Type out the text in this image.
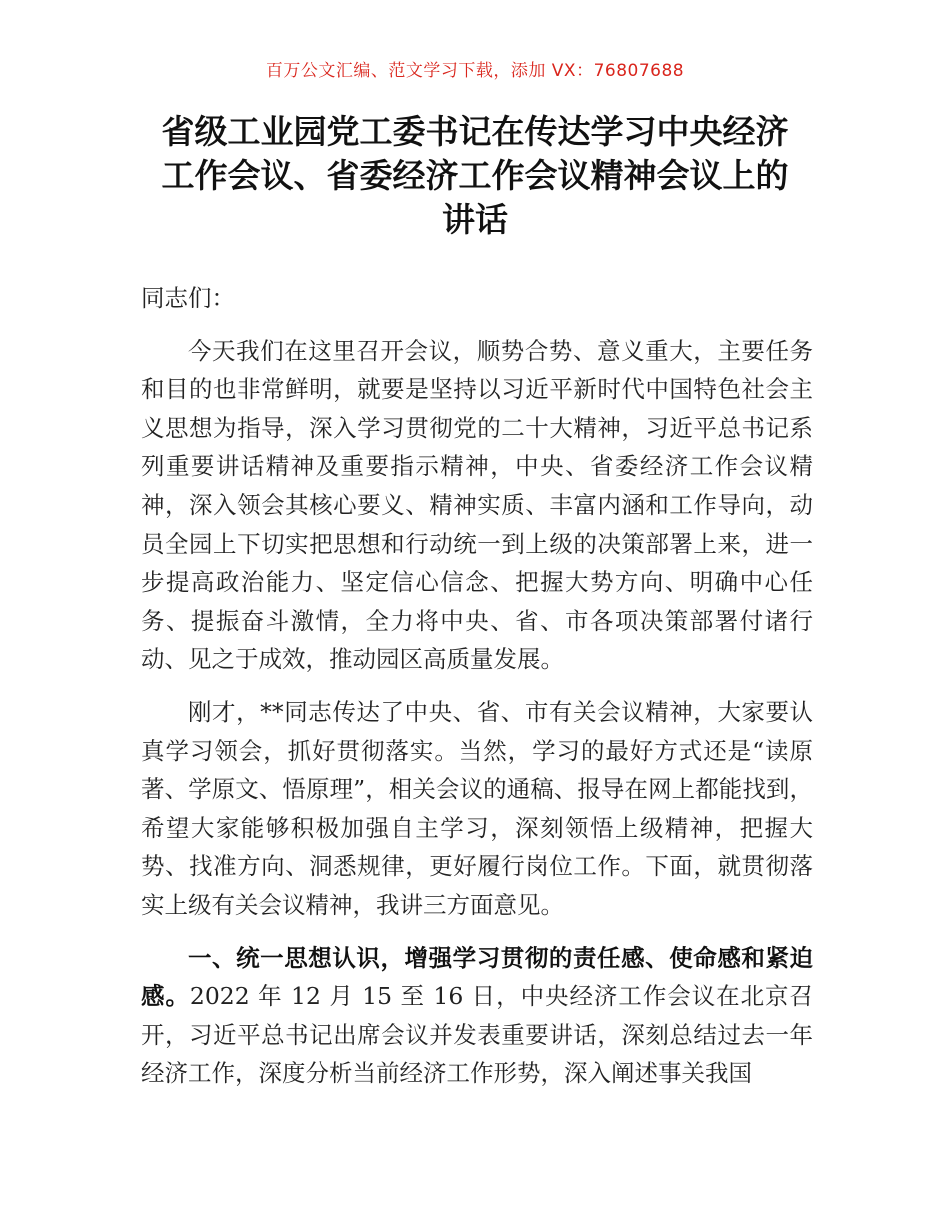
百万公文汇编、范文学习下载，添加 VX：76807688
省级工业园党工委书记在传达学习中央经济
工作会议、省委经济工作会议精神会议上的
讲话

同志们：

今天我们在这里召开会议，顺势合势、意义重大，主要任务和目的也非常鲜明，就要是坚持以习近平新时代中国特色社会主义思想为指导，深入学习贯彻党的二十大精神，习近平总书记系列重要讲话精神及重要指示精神，中央、省委经济工作会议精神，深入领会其核心要义、精神实质、丰富内涵和工作导向，动员全园上下切实把思想和行动统一到上级的决策部署上来，进一步提高政治能力、坚定信心信念、把握大势方向、明确中心任务、提振奋斗激情，全力将中央、省、市各项决策部署付诸行动、见之于成效，推动园区高质量发展。

刚才，**同志传达了中央、省、市有关会议精神，大家要认真学习领会，抓好贯彻落实。当然，学习的最好方式还是“读原著、学原文、悟原理”，相关会议的通稿、报导在网上都能找到，希望大家能够积极加强自主学习，深刻领悟上级精神，把握大势、找准方向、洞悉规律，更好履行岗位工作。下面，就贯彻落实上级有关会议精神，我讲三方面意见。

一、统一思想认识，增强学习贯彻的责任感、使命感和紧迫感。2022 年 12 月 15 至 16 日，中央经济工作会议在北京召开，习近平总书记出席会议并发表重要讲话，深刻总结过去一年经济工作，深度分析当前经济工作形势，深入阐述事关我国
